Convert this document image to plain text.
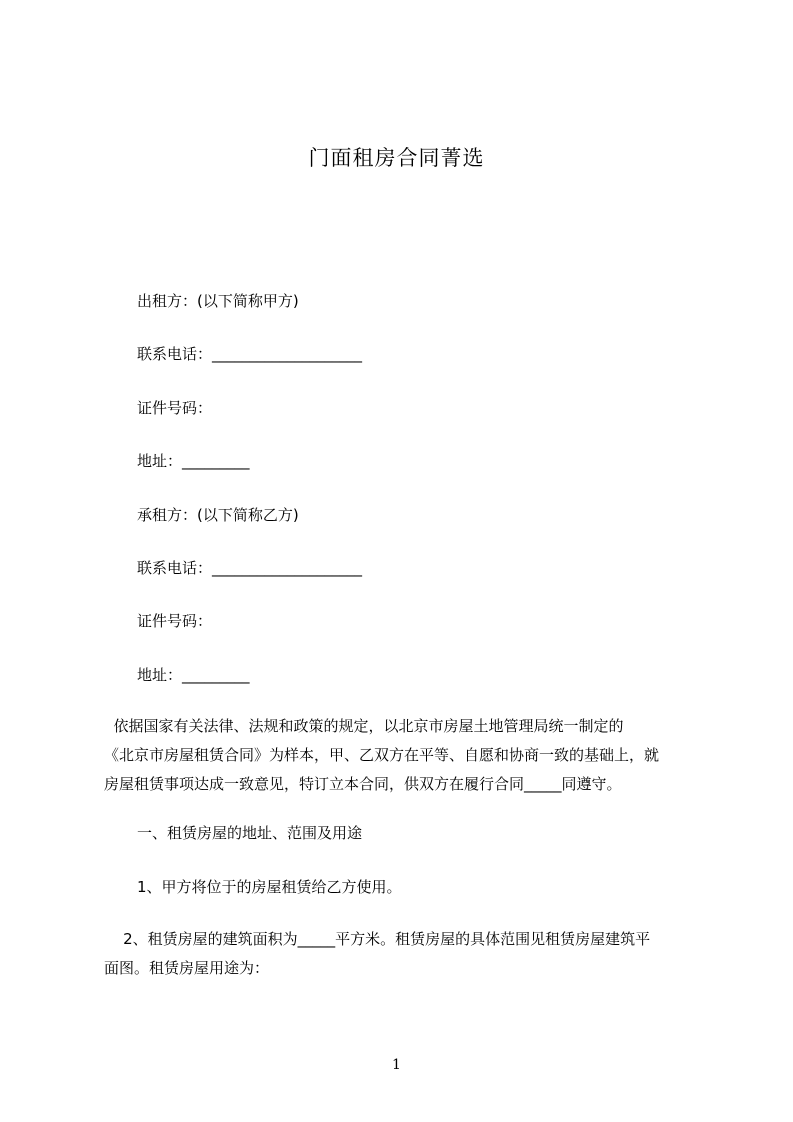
门面租房合同菁选
出租方：(以下简称甲方)
联系电话：____________________
证件号码：
地址：_________
承租方：(以下简称乙方)
联系电话：____________________
证件号码：
地址：_________
依据国家有关法律、法规和政策的规定，以北京市房屋土地管理局统一制定的
《北京市房屋租赁合同》为样本，甲、乙双方在平等、自愿和协商一致的基础上，就
房屋租赁事项达成一致意见，特订立本合同，供双方在履行合同_____同遵守。
一、租赁房屋的地址、范围及用途
1、甲方将位于的房屋租赁给乙方使用。
2、租赁房屋的建筑面积为_____平方米。租赁房屋的具体范围见租赁房屋建筑平
面图。租赁房屋用途为：
1
